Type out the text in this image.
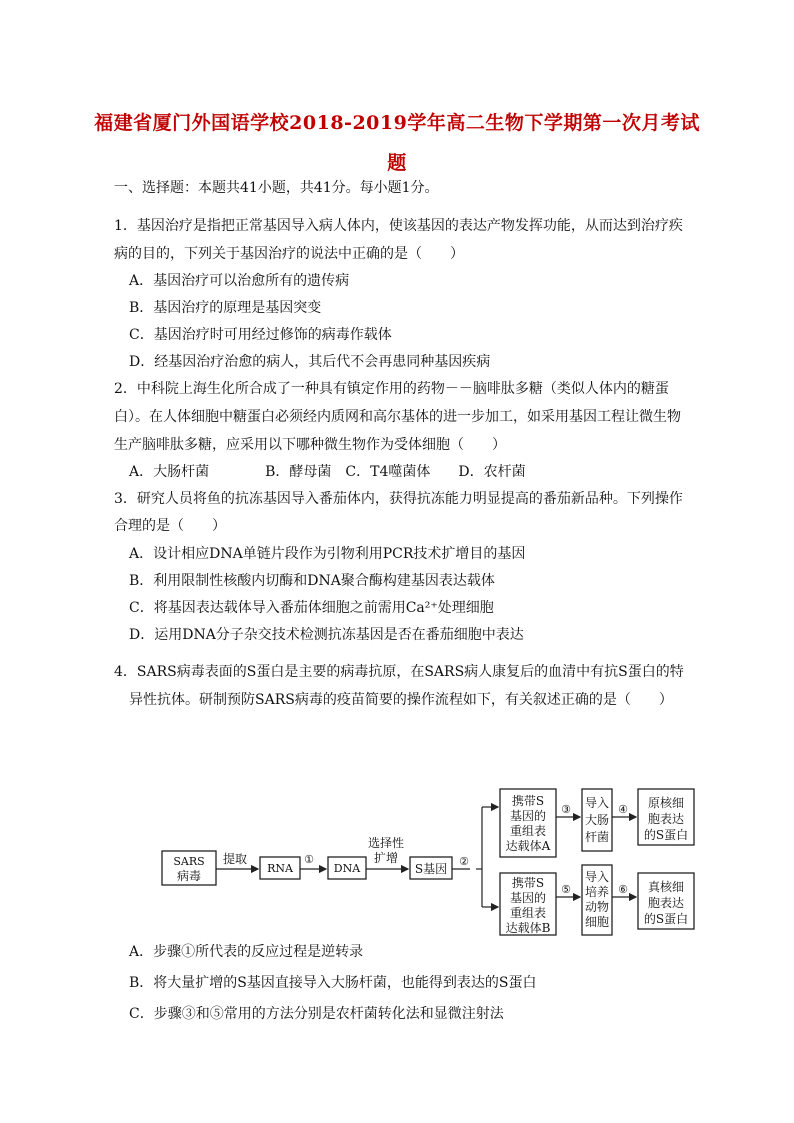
福建省厦门外国语学校2018-2019学年高二生物下学期第一次月考试
题
一、选择题：本题共41小题，共41分。每小题1分。
1．基因治疗是指把正常基因导入病人体内，使该基因的表达产物发挥功能，从而达到治疗疾
病的目的，下列关于基因治疗的说法中正确的是（　　）
A．基因治疗可以治愈所有的遗传病
B．基因治疗的原理是基因突变
C．基因治疗时可用经过修饰的病毒作载体
D．经基因治疗治愈的病人，其后代不会再患同种基因疾病
2．中科院上海生化所合成了一种具有镇定作用的药物－－脑啡肽多糖（类似人体内的糖蛋
白）。在人体细胞中糖蛋白必须经内质网和高尔基体的进一步加工，如采用基因工程让微生物
生产脑啡肽多糖，应采用以下哪种微生物作为受体细胞（　　）
A．大肠杆菌　　　　B．酵母菌　C．T4噬菌体　　D．农杆菌
3．研究人员将鱼的抗冻基因导入番茄体内，获得抗冻能力明显提高的番茄新品种。下列操作
合理的是（　　）
A．设计相应DNA单链片段作为引物利用PCR技术扩增目的基因
B．利用限制性核酸内切酶和DNA聚合酶构建基因表达载体
C．将基因表达载体导入番茄体细胞之前需用Ca²⁺处理细胞
D．运用DNA分子杂交技术检测抗冻基因是否在番茄细胞中表达
4．SARS病毒表面的S蛋白是主要的病毒抗原，在SARS病人康复后的血清中有抗S蛋白的特
异性抗体。研制预防SARS病毒的疫苗简要的操作流程如下，有关叙述正确的是（　　）
SARS
病毒
提取
RNA
①
DNA
选择性
扩增
S基因
②
携带S
基因的
重组表
达载体A
③ 导入
大肠
杆菌
④ 原核细
胞表达
的S蛋白
携带S
基因的
重组表
达载体B
⑤
导入
培养
动物
细胞
⑥ 真核细
胞表达
的S蛋白
A．步骤①所代表的反应过程是逆转录
B．将大量扩增的S基因直接导入大肠杆菌，也能得到表达的S蛋白
C．步骤③和⑤常用的方法分别是农杆菌转化法和显微注射法
